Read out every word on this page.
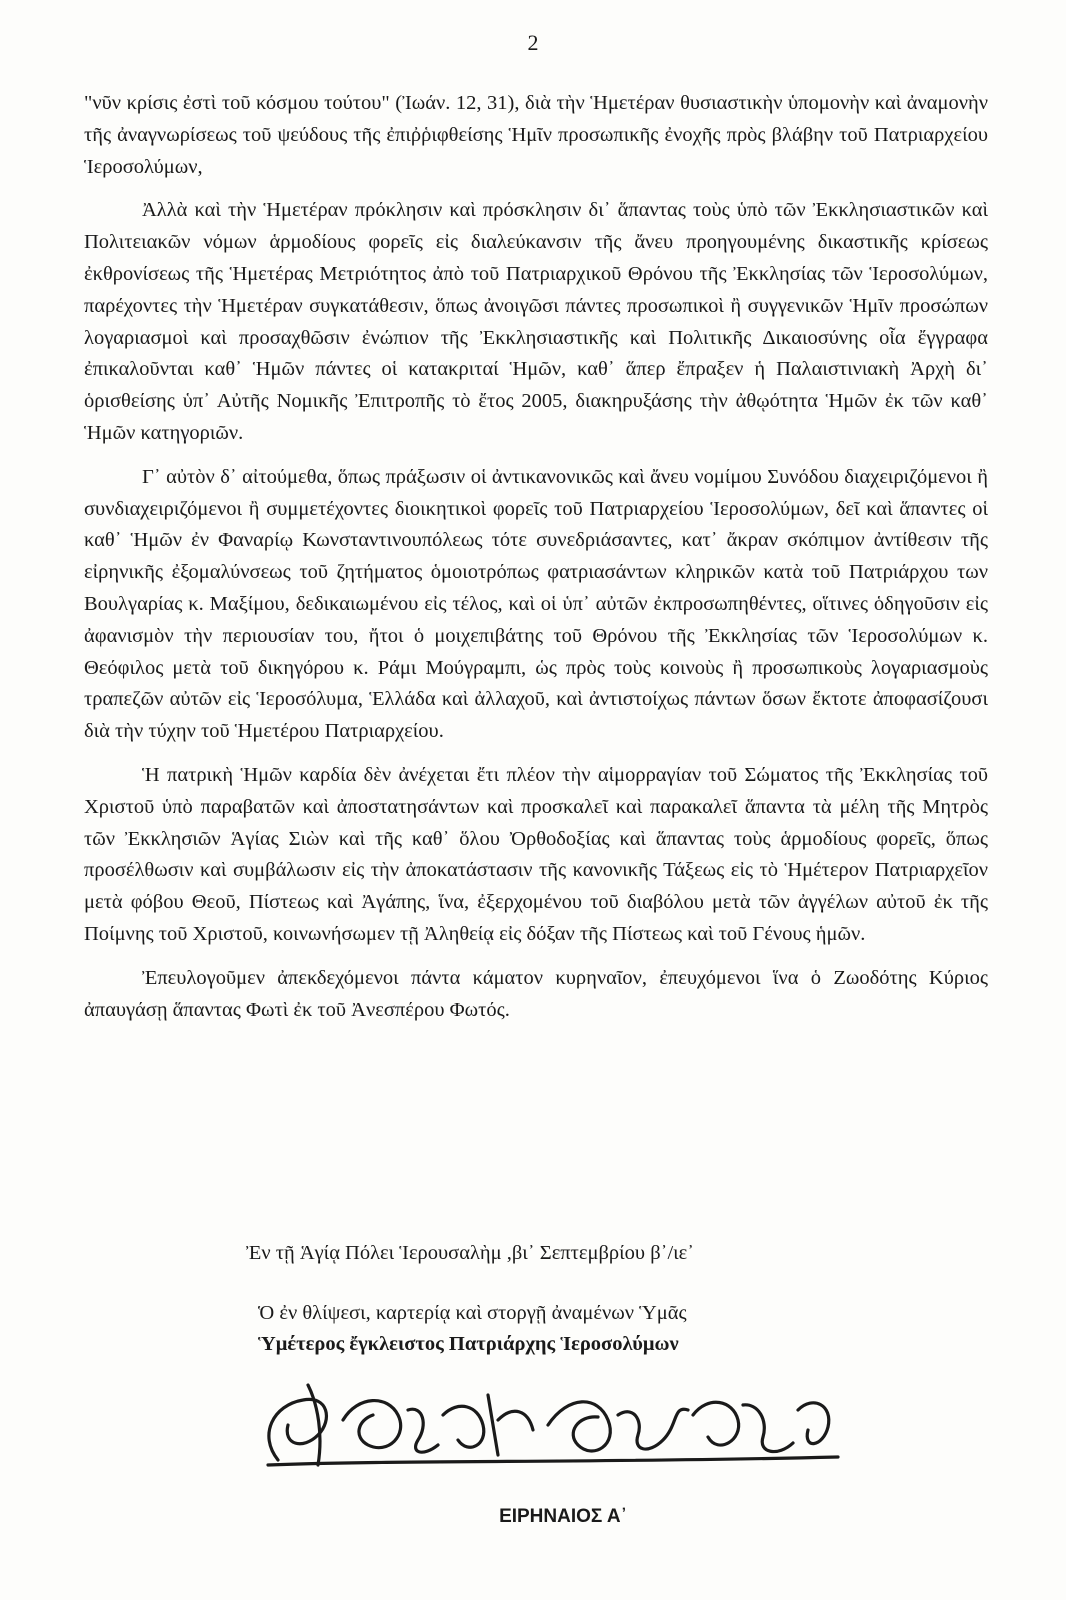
2

"νῦν κρίσις ἐστὶ τοῦ κόσμου τούτου" (Ἰωάν. 12, 31), διὰ τὴν Ἡμετέραν θυσιαστικὴν ὑπομονὴν καὶ ἀναμονὴν τῆς ἀναγνωρίσεως τοῦ ψεύδους τῆς ἐπιῤῥιφθείσης Ἡμῖν προσωπικῆς ἐνοχῆς πρὸς βλάβην τοῦ Πατριαρχείου Ἱεροσολύμων,

Ἀλλὰ καὶ τὴν Ἡμετέραν πρόκλησιν καὶ πρόσκλησιν δι᾿ ἅπαντας τοὺς ὑπὸ τῶν Ἐκκλησιαστικῶν καὶ Πολιτειακῶν νόμων ἁρμοδίους φορεῖς εἰς διαλεύκανσιν τῆς ἄνευ προηγουμένης δικαστικῆς κρίσεως ἐκθρονίσεως τῆς Ἡμετέρας Μετριότητος ἀπὸ τοῦ Πατριαρχικοῦ Θρόνου τῆς Ἐκκλησίας τῶν Ἱεροσολύμων, παρέχοντες τὴν Ἡμετέραν συγκατάθεσιν, ὅπως ἀνοιγῶσι πάντες προσωπικοὶ ἢ συγγενικῶν Ἡμῖν προσώπων λογαριασμοὶ καὶ προσαχθῶσιν ἐνώπιον τῆς Ἐκκλησιαστικῆς καὶ Πολιτικῆς Δικαιοσύνης οἷα ἔγγραφα ἐπικαλοῦνται καθ᾿ Ἡμῶν πάντες οἱ κατακριταί Ἡμῶν, καθ᾿ ἅπερ ἔπραξεν ἡ Παλαιστινιακὴ Ἀρχὴ δι᾿ ὁρισθείσης ὑπ᾿ Αὐτῆς Νομικῆς Ἐπιτροπῆς τὸ ἔτος 2005, διακηρυξάσης τὴν ἀθῳότητα Ἡμῶν ἐκ τῶν καθ᾿ Ἡμῶν κατηγοριῶν.

Γ᾿ αὐτὸν δ᾿ αἰτούμεθα, ὅπως πράξωσιν οἱ ἀντικανονικῶς καὶ ἄνευ νομίμου Συνόδου διαχειριζόμενοι ἢ συνδιαχειριζόμενοι ἢ συμμετέχοντες διοικητικοὶ φορεῖς τοῦ Πατριαρχείου Ἱεροσολύμων, δεῖ καὶ ἅπαντες οἱ καθ᾿ Ἡμῶν ἐν Φαναρίῳ Κωνσταντινουπόλεως τότε συνεδριάσαντες, κατ᾿ ἄκραν σκόπιμον ἀντίθεσιν τῆς εἰρηνικῆς ἐξομαλύνσεως τοῦ ζητήματος ὁμοιοτρόπως φατριασάντων κληρικῶν κατὰ τοῦ Πατριάρχου των Βουλγαρίας κ. Μαξίμου, δεδικαιωμένου εἰς τέλος, καὶ οἱ ὑπ᾿ αὐτῶν ἐκπροσωπηθέντες, οἵτινες ὁδηγοῦσιν εἰς ἀφανισμὸν τὴν περιουσίαν του, ἤτοι ὁ μοιχεπιβάτης τοῦ Θρόνου τῆς Ἐκκλησίας τῶν Ἱεροσολύμων κ. Θεόφιλος μετὰ τοῦ δικηγόρου κ. Ράμι Μούγραμπι, ὡς πρὸς τοὺς κοινοὺς ἢ προσωπικοὺς λογαριασμοὺς τραπεζῶν αὐτῶν εἰς Ἱεροσόλυμα, Ἑλλάδα καὶ ἀλλαχοῦ, καὶ ἀντιστοίχως πάντων ὅσων ἔκτοτε ἀποφασίζουσι διὰ τὴν τύχην τοῦ Ἡμετέρου Πατριαρχείου.

Ἡ πατρικὴ Ἡμῶν καρδία δὲν ἀνέχεται ἔτι πλέον τὴν αἱμορραγίαν τοῦ Σώματος τῆς Ἐκκλησίας τοῦ Χριστοῦ ὑπὸ παραβατῶν καὶ ἀποστατησάντων καὶ προσκαλεῖ καὶ παρακαλεῖ ἅπαντα τὰ μέλη τῆς Μητρὸς τῶν Ἐκκλησιῶν Ἁγίας Σιὼν καὶ τῆς καθ᾿ ὅλου Ὀρθοδοξίας καὶ ἅπαντας τοὺς ἁρμοδίους φορεῖς, ὅπως προσέλθωσιν καὶ συμβάλωσιν εἰς τὴν ἀποκατάστασιν τῆς κανονικῆς Τάξεως εἰς τὸ Ἡμέτερον Πατριαρχεῖον μετὰ φόβου Θεοῦ, Πίστεως καὶ Ἀγάπης, ἵνα, ἐξερχομένου τοῦ διαβόλου μετὰ τῶν ἀγγέλων αὐτοῦ ἐκ τῆς Ποίμνης τοῦ Χριστοῦ, κοινωνήσωμεν τῇ Ἀληθείᾳ εἰς δόξαν τῆς Πίστεως καὶ τοῦ Γένους ἡμῶν.

Ἐπευλογοῦμεν ἀπεκδεχόμενοι πάντα κάματον κυρηναῖον, ἐπευχόμενοι ἵνα ὁ Ζωοδότης Κύριος ἀπαυγάσῃ ἅπαντας Φωτὶ ἐκ τοῦ Ἀνεσπέρου Φωτός.

Ἐν τῇ Ἁγίᾳ Πόλει Ἱερουσαλὴμ ,βι᾿ Σεπτεμβρίου β᾿/ιε᾿
Ὁ ἐν θλίψεσι, καρτερίᾳ καὶ στοργῇ ἀναμένων Ὑμᾶς
Ὑμέτερος ἔγκλειστος Πατριάρχης Ἱεροσολύμων
ΕΙΡΗΝΑΙΟΣ Α᾿
